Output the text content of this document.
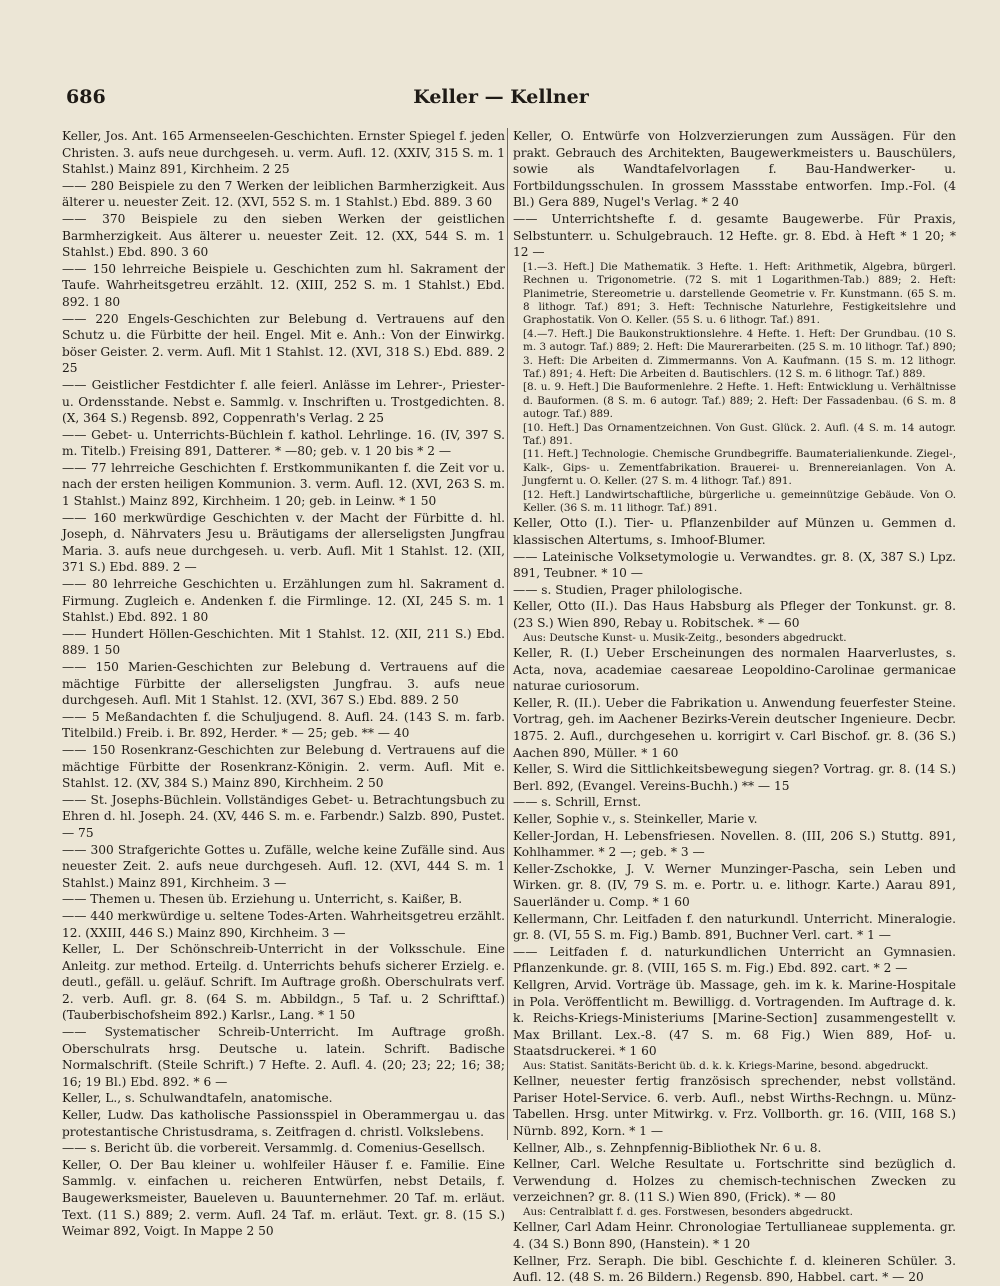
686	Keller — Kellner

Keller, Jos. Ant. 165 Armenseelen-Geschichten. Ernster Spiegel f. jeden Christen. 3. aufs neue durchgeseh. u. verm. Aufl. 12. (XXIV, 315 S. m. 1 Stahlst.) Mainz 891, Kirchheim. 2 25

—— 280 Beispiele zu den 7 Werken der leiblichen Barmherzigkeit. Aus älterer u. neuester Zeit. 12. (XVI, 552 S. m. 1 Stahlst.) Ebd. 889. 3 60

—— 370 Beispiele zu den sieben Werken der geistlichen Barmherzigkeit. Aus älterer u. neuester Zeit. 12. (XX, 544 S. m. 1 Stahlst.) Ebd. 890. 3 60

—— 150 lehrreiche Beispiele u. Geschichten zum hl. Sakrament der Taufe. Wahrheitsgetreu erzählt. 12. (XIII, 252 S. m. 1 Stahlst.) Ebd. 892. 1 80

—— 220 Engels-Geschichten zur Belebung d. Vertrauens auf den Schutz u. die Fürbitte der heil. Engel. Mit e. Anh.: Von der Einwirkg. böser Geister. 2. verm. Aufl. Mit 1 Stahlst. 12. (XVI, 318 S.) Ebd. 889. 2 25

—— Geistlicher Festdichter f. alle feierl. Anlässe im Lehrer-, Priester- u. Ordensstande. Nebst e. Sammlg. v. Inschriften u. Trostgedichten. 8. (X, 364 S.) Regensb. 892, Coppenrath's Verlag. 2 25

—— Gebet- u. Unterrichts-Büchlein f. kathol. Lehrlinge. 16. (IV, 397 S. m. Titelb.) Freising 891, Datterer. * —80; geb. v. 1 20 bis * 2 —

—— 77 lehrreiche Geschichten f. Erstkommunikanten f. die Zeit vor u. nach der ersten heiligen Kommunion. 3. verm. Aufl. 12. (XVI, 263 S. m. 1 Stahlst.) Mainz 892, Kirchheim. 1 20; geb. in Leinw. * 1 50

—— 160 merkwürdige Geschichten v. der Macht der Fürbitte d. hl. Joseph, d. Nährvaters Jesu u. Bräutigams der allerseligsten Jungfrau Maria. 3. aufs neue durchgeseh. u. verb. Aufl. Mit 1 Stahlst. 12. (XII, 371 S.) Ebd. 889. 2 —

—— 80 lehrreiche Geschichten u. Erzählungen zum hl. Sakrament d. Firmung. Zugleich e. Andenken f. die Firmlinge. 12. (XI, 245 S. m. 1 Stahlst.) Ebd. 892. 1 80

—— Hundert Höllen-Geschichten. Mit 1 Stahlst. 12. (XII, 211 S.) Ebd. 889. 1 50

—— 150 Marien-Geschichten zur Belebung d. Vertrauens auf die mächtige Fürbitte der allerseligsten Jungfrau. 3. aufs neue durchgeseh. Aufl. Mit 1 Stahlst. 12. (XVI, 367 S.) Ebd. 889. 2 50

—— 5 Meßandachten f. die Schuljugend. 8. Aufl. 24. (143 S. m. farb. Titelbild.) Freib. i. Br. 892, Herder. * — 25; geb. ** — 40

—— 150 Rosenkranz-Geschichten zur Belebung d. Vertrauens auf die mächtige Fürbitte der Rosenkranz-Königin. 2. verm. Aufl. Mit e. Stahlst. 12. (XV, 384 S.) Mainz 890, Kirchheim. 2 50

—— St. Josephs-Büchlein. Vollständiges Gebet- u. Betrachtungsbuch zu Ehren d. hl. Joseph. 24. (XV, 446 S. m. e. Farbendr.) Salzb. 890, Pustet. — 75

—— 300 Strafgerichte Gottes u. Zufälle, welche keine Zufälle sind. Aus neuester Zeit. 2. aufs neue durchgeseh. Aufl. 12. (XVI, 444 S. m. 1 Stahlst.) Mainz 891, Kirchheim. 3 —

—— Themen u. Thesen üb. Erziehung u. Unterricht, s. Kaißer, B.

—— 440 merkwürdige u. seltene Todes-Arten. Wahrheitsgetreu erzählt. 12. (XXIII, 446 S.) Mainz 890, Kirchheim. 3 —

Keller, L. Der Schönschreib-Unterricht in der Volksschule. Eine Anleitg. zur method. Erteilg. d. Unterrichts behufs sicherer Erzielg. e. deutl., gefäll. u. geläuf. Schrift. Im Auftrage großh. Oberschulrats verf. 2. verb. Aufl. gr. 8. (64 S. m. Abbildgn., 5 Taf. u. 2 Schrifttaf.) (Tauberbischofsheim 892.) Karlsr., Lang. * 1 50

—— Systematischer Schreib-Unterricht. Im Auftrage großh. Oberschulrats hrsg. Deutsche u. latein. Schrift. Badische Normalschrift. (Steile Schrift.) 7 Hefte. 2. Aufl. 4. (20; 23; 22; 16; 38; 16; 19 Bl.) Ebd. 892. * 6 —

Keller, L., s. Schulwandtafeln, anatomische.

Keller, Ludw. Das katholische Passionsspiel in Oberammergau u. das protestantische Christusdrama, s. Zeitfragen d. christl. Volkslebens.

—— s. Bericht üb. die vorbereit. Versammlg. d. Comenius-Gesellsch.

Keller, O. Der Bau kleiner u. wohlfeiler Häuser f. e. Familie. Eine Sammlg. v. einfachen u. reicheren Entwürfen, nebst Details, f. Baugewerksmeister, Baueleven u. Bauunternehmer. 20 Taf. m. erläut. Text. (11 S.) 889; 2. verm. Aufl. 24 Taf. m. erläut. Text. gr. 8. (15 S.) Weimar 892, Voigt. In Mappe 2 50

Keller, O. Entwürfe von Holzverzierungen zum Aussägen. Für den prakt. Gebrauch des Architekten, Baugewerkmeisters u. Bauschülers, sowie als Wandtafelvorlagen f. Bau-Handwerker- u. Fortbildungsschulen. In grossem Massstabe entworfen. Imp.-Fol. (4 Bl.) Gera 889, Nugel's Verlag. * 2 40

—— Unterrichtshefte f. d. gesamte Baugewerbe. Für Praxis, Selbstunterr. u. Schulgebrauch. 12 Hefte. gr. 8. Ebd. à Heft * 1 20; * 12 —

[1.—3. Heft.] Die Mathematik. 3 Hefte. 1. Heft: Arithmetik, Algebra, bürgerl. Rechnen u. Trigonometrie. (72 S. mit 1 Logarithmen-Tab.) 889; 2. Heft: Planimetrie, Stereometrie u. darstellende Geometrie v. Fr. Kunstmann. (65 S. m. 8 lithogr. Taf.) 891; 3. Heft: Technische Naturlehre, Festigkeitslehre und Graphostatik. Von O. Keller. (55 S. u. 6 lithogr. Taf.) 891.

[4.—7. Heft.] Die Baukonstruktionslehre. 4 Hefte. 1. Heft: Der Grundbau. (10 S. m. 3 autogr. Taf.) 889; 2. Heft: Die Maurerarbeiten. (25 S. m. 10 lithogr. Taf.) 890; 3. Heft: Die Arbeiten d. Zimmermanns. Von A. Kaufmann. (15 S. m. 12 lithogr. Taf.) 891; 4. Heft: Die Arbeiten d. Bautischlers. (12 S. m. 6 lithogr. Taf.) 889.

[8. u. 9. Heft.] Die Bauformenlehre. 2 Hefte. 1. Heft: Entwicklung u. Verhältnisse d. Bauformen. (8 S. m. 6 autogr. Taf.) 889; 2. Heft: Der Fassadenbau. (6 S. m. 8 autogr. Taf.) 889.

[10. Heft.] Das Ornamentzeichnen. Von Gust. Glück. 2. Aufl. (4 S. m. 14 autogr. Taf.) 891.

[11. Heft.] Technologie. Chemische Grundbegriffe. Baumaterialienkunde. Ziegel-, Kalk-, Gips- u. Zementfabrikation. Brauerei- u. Brennereianlagen. Von A. Jungfernt u. O. Keller. (27 S. m. 4 lithogr. Taf.) 891.

[12. Heft.] Landwirtschaftliche, bürgerliche u. gemeinnützige Gebäude. Von O. Keller. (36 S. m. 11 lithogr. Taf.) 891.

Keller, Otto (I.). Tier- u. Pflanzenbilder auf Münzen u. Gemmen d. klassischen Altertums, s. Imhoof-Blumer.

—— Lateinische Volksetymologie u. Verwandtes. gr. 8. (X, 387 S.) Lpz. 891, Teubner. * 10 —

—— s. Studien, Prager philologische.

Keller, Otto (II.). Das Haus Habsburg als Pfleger der Tonkunst. gr. 8. (23 S.) Wien 890, Rebay u. Robitschek. * — 60

Aus: Deutsche Kunst- u. Musik-Zeitg., besonders abgedruckt.

Keller, R. (I.) Ueber Erscheinungen des normalen Haarverlustes, s. Acta, nova, academiae caesareae Leopoldino-Carolinae germanicae naturae curiosorum.

Keller, R. (II.). Ueber die Fabrikation u. Anwendung feuerfester Steine. Vortrag, geh. im Aachener Bezirks-Verein deutscher Ingenieure. Decbr. 1875. 2. Aufl., durchgesehen u. korrigirt v. Carl Bischof. gr. 8. (36 S.) Aachen 890, Müller. * 1 60

Keller, S. Wird die Sittlichkeitsbewegung siegen? Vortrag. gr. 8. (14 S.) Berl. 892, (Evangel. Vereins-Buchh.) ** — 15

—— s. Schrill, Ernst.

Keller, Sophie v., s. Steinkeller, Marie v.

Keller-Jordan, H. Lebensfriesen. Novellen. 8. (III, 206 S.) Stuttg. 891, Kohlhammer. * 2 —; geb. * 3 —

Keller-Zschokke, J. V. Werner Munzinger-Pascha, sein Leben und Wirken. gr. 8. (IV, 79 S. m. e. Portr. u. e. lithogr. Karte.) Aarau 891, Sauerländer u. Comp. * 1 60

Kellermann, Chr. Leitfaden f. den naturkundl. Unterricht. Mineralogie. gr. 8. (VI, 55 S. m. Fig.) Bamb. 891, Buchner Verl. cart. * 1 —

—— Leitfaden f. d. naturkundlichen Unterricht an Gymnasien. Pflanzenkunde. gr. 8. (VIII, 165 S. m. Fig.) Ebd. 892. cart. * 2 —

Kellgren, Arvid. Vorträge üb. Massage, geh. im k. k. Marine-Hospitale in Pola. Veröffentlicht m. Bewilligg. d. Vortragenden. Im Auftrage d. k. k. Reichs-Kriegs-Ministeriums [Marine-Section] zusammengestellt v. Max Brillant. Lex.-8. (47 S. m. 68 Fig.) Wien 889, Hof- u. Staatsdruckerei. * 1 60

Aus: Statist. Sanitäts-Bericht üb. d. k. k. Kriegs-Marine, besond. abgedruckt.

Kellner, neuester fertig französisch sprechender, nebst vollständ. Pariser Hotel-Service. 6. verb. Aufl., nebst Wirths-Rechngn. u. Münz-Tabellen. Hrsg. unter Mitwirkg. v. Frz. Vollborth. gr. 16. (VIII, 168 S.) Nürnb. 892, Korn. * 1 —

Kellner, Alb., s. Zehnpfennig-Bibliothek Nr. 6 u. 8.

Kellner, Carl. Welche Resultate u. Fortschritte sind bezüglich d. Verwendung d. Holzes zu chemisch-technischen Zwecken zu verzeichnen? gr. 8. (11 S.) Wien 890, (Frick). * — 80

Aus: Centralblatt f. d. ges. Forstwesen, besonders abgedruckt.

Kellner, Carl Adam Heinr. Chronologiae Tertullianeae supplementa. gr. 4. (34 S.) Bonn 890, (Hanstein). * 1 20

Kellner, Frz. Seraph. Die bibl. Geschichte f. d. kleineren Schüler. 3. Aufl. 12. (48 S. m. 26 Bildern.) Regensb. 890, Habbel. cart. * — 20
